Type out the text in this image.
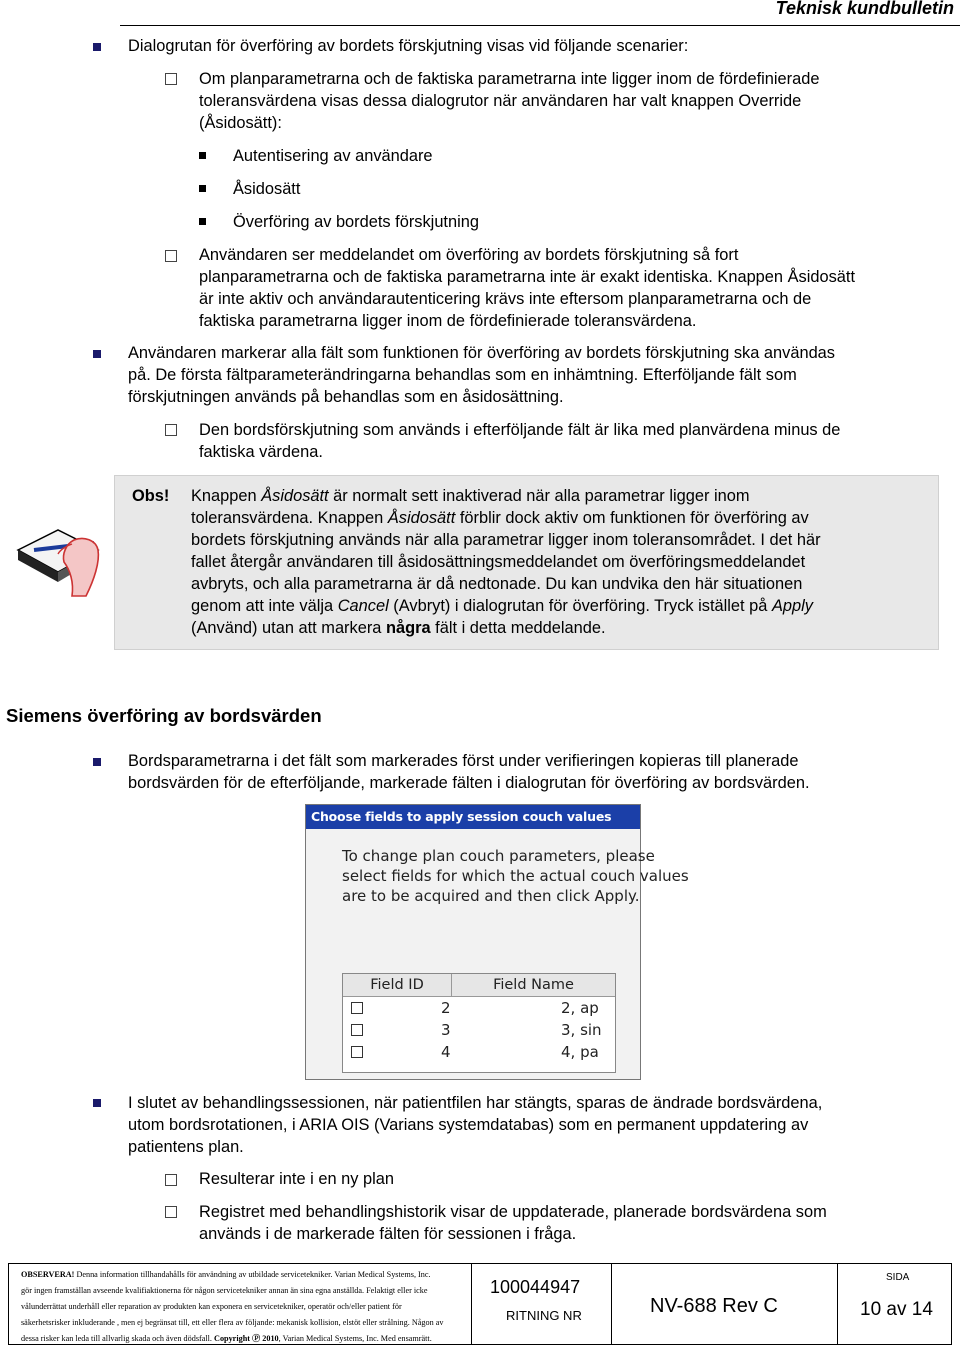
Teknisk kundbulletin
Dialogrutan för överföring av bordets förskjutning visas vid följande scenarier:
Om planparametrarna och de faktiska parametrarna inte ligger inom de fördefinierade
toleransvärdena visas dessa dialogrutor när användaren har valt knappen Override
(Åsidosätt):
Autentisering av användare
Åsidosätt
Överföring av bordets förskjutning
Användaren ser meddelandet om överföring av bordets förskjutning så fort
planparametrarna och de faktiska parametrarna inte är exakt identiska. Knappen Åsidosätt
är inte aktiv och användarautenticering krävs inte eftersom planparametrarna och de
faktiska parametrarna ligger inom de fördefinierade toleransvärdena.
Användaren markerar alla fält som funktionen för överföring av bordets förskjutning ska användas
på. De första fältparameterändringarna behandlas som en inhämtning. Efterföljande fält som
förskjutningen används på behandlas som en åsidosättning.
Den bordsförskjutning som används i efterföljande fält är lika med planvärdena minus de
faktiska värdena.
Obs! Knappen Åsidosätt är normalt sett inaktiverad när alla parametrar ligger inom
toleransvärdena. Knappen Åsidosätt förblir dock aktiv om funktionen för överföring av
bordets förskjutning används när alla parametrar ligger inom toleransområdet. I det här
fallet återgår användaren till åsidosättningsmeddelandet om överföringsmeddelandet
avbryts, och alla parametrarna är då nedtonade. Du kan undvika den här situationen
genom att inte välja Cancel (Avbryt) i dialogrutan för överföring. Tryck istället på Apply
(Använd) utan att markera några fält i detta meddelande.
Siemens överföring av bordsvärden
Bordsparametrarna i det fält som markerades först under verifieringen kopieras till planerade
bordsvärden för de efterföljande, markerade fälten i dialogrutan för överföring av bordsvärden.
Choose fields to apply session couch values
To change plan couch parameters, please
select fields for which the actual couch values
are to be acquired and then click Apply.
Field ID	Field Name
2	2, ap
3	3, sin
4	4, pa
I slutet av behandlingssessionen, när patientfilen har stängts, sparas de ändrade bordsvärdena,
utom bordsrotationen, i ARIA OIS (Varians systemdatabas) som en permanent uppdatering av
patientens plan.
Resulterar inte i en ny plan
Registret med behandlingshistorik visar de uppdaterade, planerade bordsvärdena som
används i de markerade fälten för sessionen i fråga.
OBSERVERA! Denna information tillhandahålls för användning av utbildade servicetekniker. Varian Medical Systems, Inc.
gör ingen framställan avseende kvalifiaktionerna för någon servicetekniker annan än sina egna anställda. Felaktigt eller icke
vålunderrättat underhåll eller reparation av produkten kan exponera en servicetekniker, operatör och/eller patient för
säkerhetsrisker inkluderande , men ej begränsat till, ett eller flera av följande: mekanisk kollision, elstöt eller strålning. Någon av
dessa risker kan leda till allvarlig skada och även dödsfall. Copyright Ⓟ 2010, Varian Medical Systems, Inc. Med ensamrätt.
100044947
RITNING NR	NV-688 Rev C
SIDA
10 av 14
